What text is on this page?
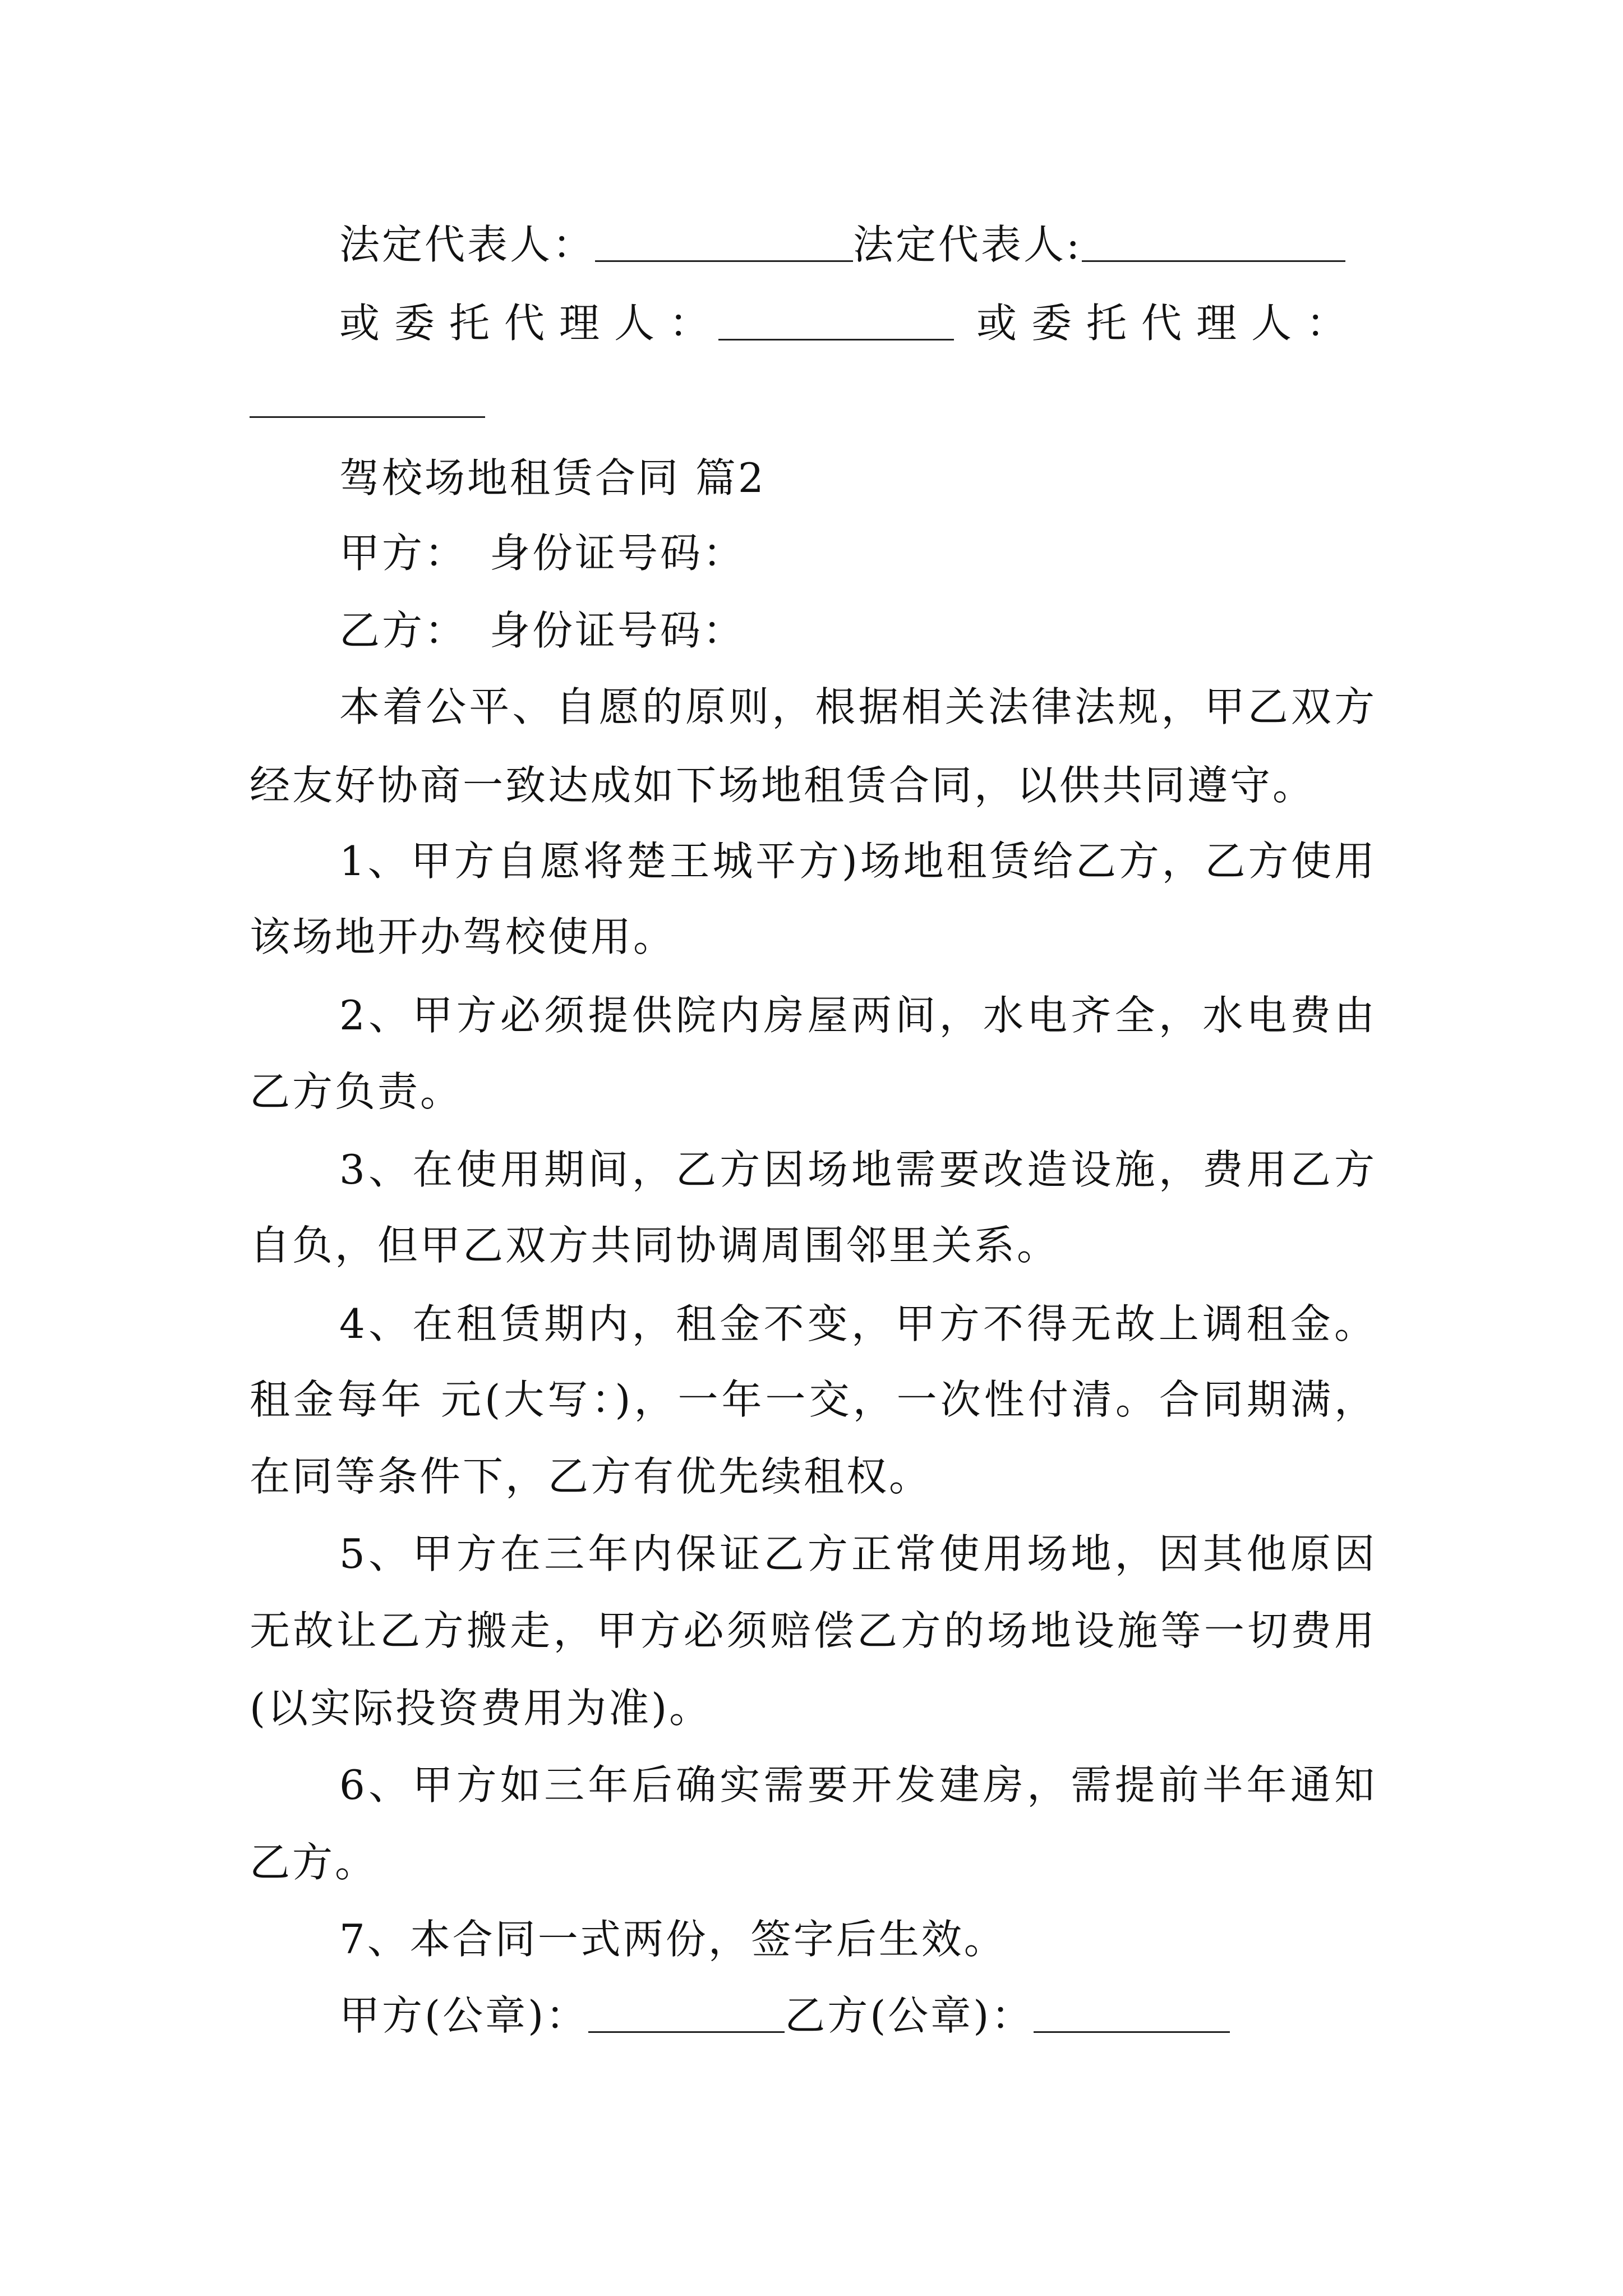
法定代表人：	法定代表人:
或委托代理人：	或委托代理人：
驾校场地租赁合同 篇2
甲方：　身份证号码：
乙方：　身份证号码：
本着公平、自愿的原则，根据相关法律法规，甲乙双方
经友好协商一致达成如下场地租赁合同，以供共同遵守。
1、甲方自愿将楚王城平方)场地租赁给乙方，乙方使用
该场地开办驾校使用。
2、甲方必须提供院内房屋两间，水电齐全，水电费由
乙方负责。
3、在使用期间，乙方因场地需要改造设施，费用乙方
自负，但甲乙双方共同协调周围邻里关系。
4、在租赁期内，租金不变，甲方不得无故上调租金。
租金每年 元(大写：)，一年一交，一次性付清。合同期满，
在同等条件下，乙方有优先续租权。
5、甲方在三年内保证乙方正常使用场地，因其他原因
无故让乙方搬走，甲方必须赔偿乙方的场地设施等一切费用
(以实际投资费用为准)。
6、甲方如三年后确实需要开发建房，需提前半年通知
乙方。
7、本合同一式两份，签字后生效。
甲方(公章)：	乙方(公章)：
